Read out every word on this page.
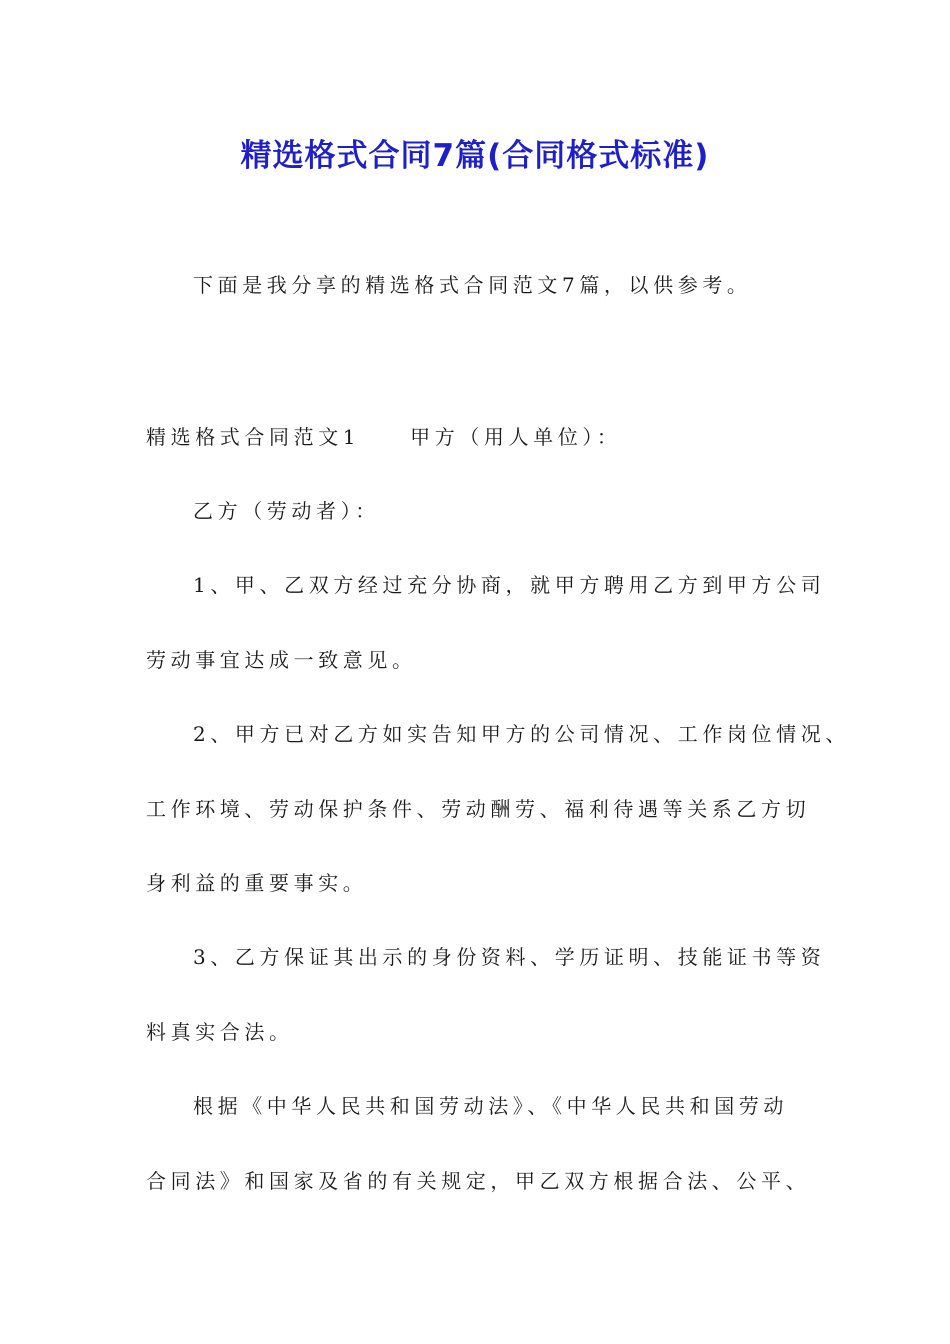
精选格式合同7篇(合同格式标准)
下面是我分享的精选格式合同范文7篇，以供参考。
精选格式合同范文1	甲方（用人单位）：
乙方（劳动者）：
1、甲、乙双方经过充分协商，就甲方聘用乙方到甲方公司
劳动事宜达成一致意见。
2、甲方已对乙方如实告知甲方的公司情况、工作岗位情况、
工作环境、劳动保护条件、劳动酬劳、福利待遇等关系乙方切
身利益的重要事实。
3、乙方保证其出示的身份资料、学历证明、技能证书等资
料真实合法。
根据《中华人民共和国劳动法》、《中华人民共和国劳动
合同法》和国家及省的有关规定，甲乙双方根据合法、公平、
